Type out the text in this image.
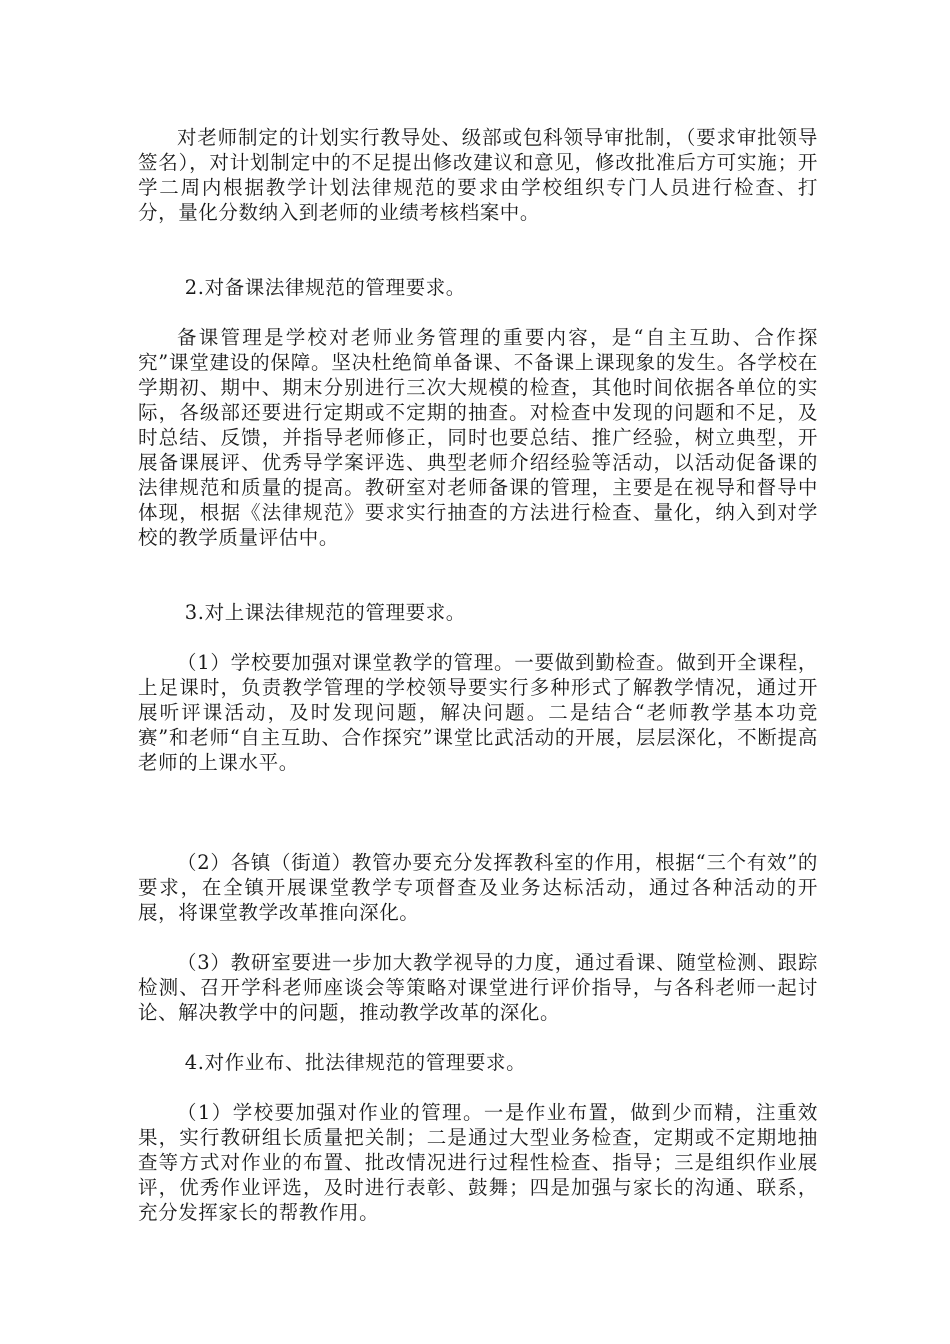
对老师制定的计划实行教导处、级部或包科领导审批制，（要求审批领导签名），对计划制定中的不足提出修改建议和意见，修改批准后方可实施；开学二周内根据教学计划法律规范的要求由学校组织专门人员进行检查、打分，量化分数纳入到老师的业绩考核档案中。

2.对备课法律规范的管理要求。

备课管理是学校对老师业务管理的重要内容，是“自主互助、合作探究”课堂建设的保障。坚决杜绝简单备课、不备课上课现象的发生。各学校在学期初、期中、期末分别进行三次大规模的检查，其他时间依据各单位的实际，各级部还要进行定期或不定期的抽查。对检查中发现的问题和不足，及时总结、反馈，并指导老师修正，同时也要总结、推广经验，树立典型，开展备课展评、优秀导学案评选、典型老师介绍经验等活动，以活动促备课的法律规范和质量的提高。教研室对老师备课的管理，主要是在视导和督导中体现，根据《法律规范》要求实行抽查的方法进行检查、量化，纳入到对学校的教学质量评估中。

3.对上课法律规范的管理要求。

（1）学校要加强对课堂教学的管理。一要做到勤检查。做到开全课程，上足课时，负责教学管理的学校领导要实行多种形式了解教学情况，通过开展听评课活动，及时发现问题，解决问题。二是结合“老师教学基本功竞赛”和老师“自主互助、合作探究”课堂比武活动的开展，层层深化，不断提高老师的上课水平。

（2）各镇（街道）教管办要充分发挥教科室的作用，根据“三个有效”的要求，在全镇开展课堂教学专项督查及业务达标活动，通过各种活动的开展，将课堂教学改革推向深化。

（3）教研室要进一步加大教学视导的力度，通过看课、随堂检测、跟踪检测、召开学科老师座谈会等策略对课堂进行评价指导，与各科老师一起讨论、解决教学中的问题，推动教学改革的深化。

4.对作业布、批法律规范的管理要求。

（1）学校要加强对作业的管理。一是作业布置，做到少而精，注重效果，实行教研组长质量把关制；二是通过大型业务检查，定期或不定期地抽查等方式对作业的布置、批改情况进行过程性检查、指导；三是组织作业展评，优秀作业评选，及时进行表彰、鼓舞；四是加强与家长的沟通、联系，充分发挥家长的帮教作用。
